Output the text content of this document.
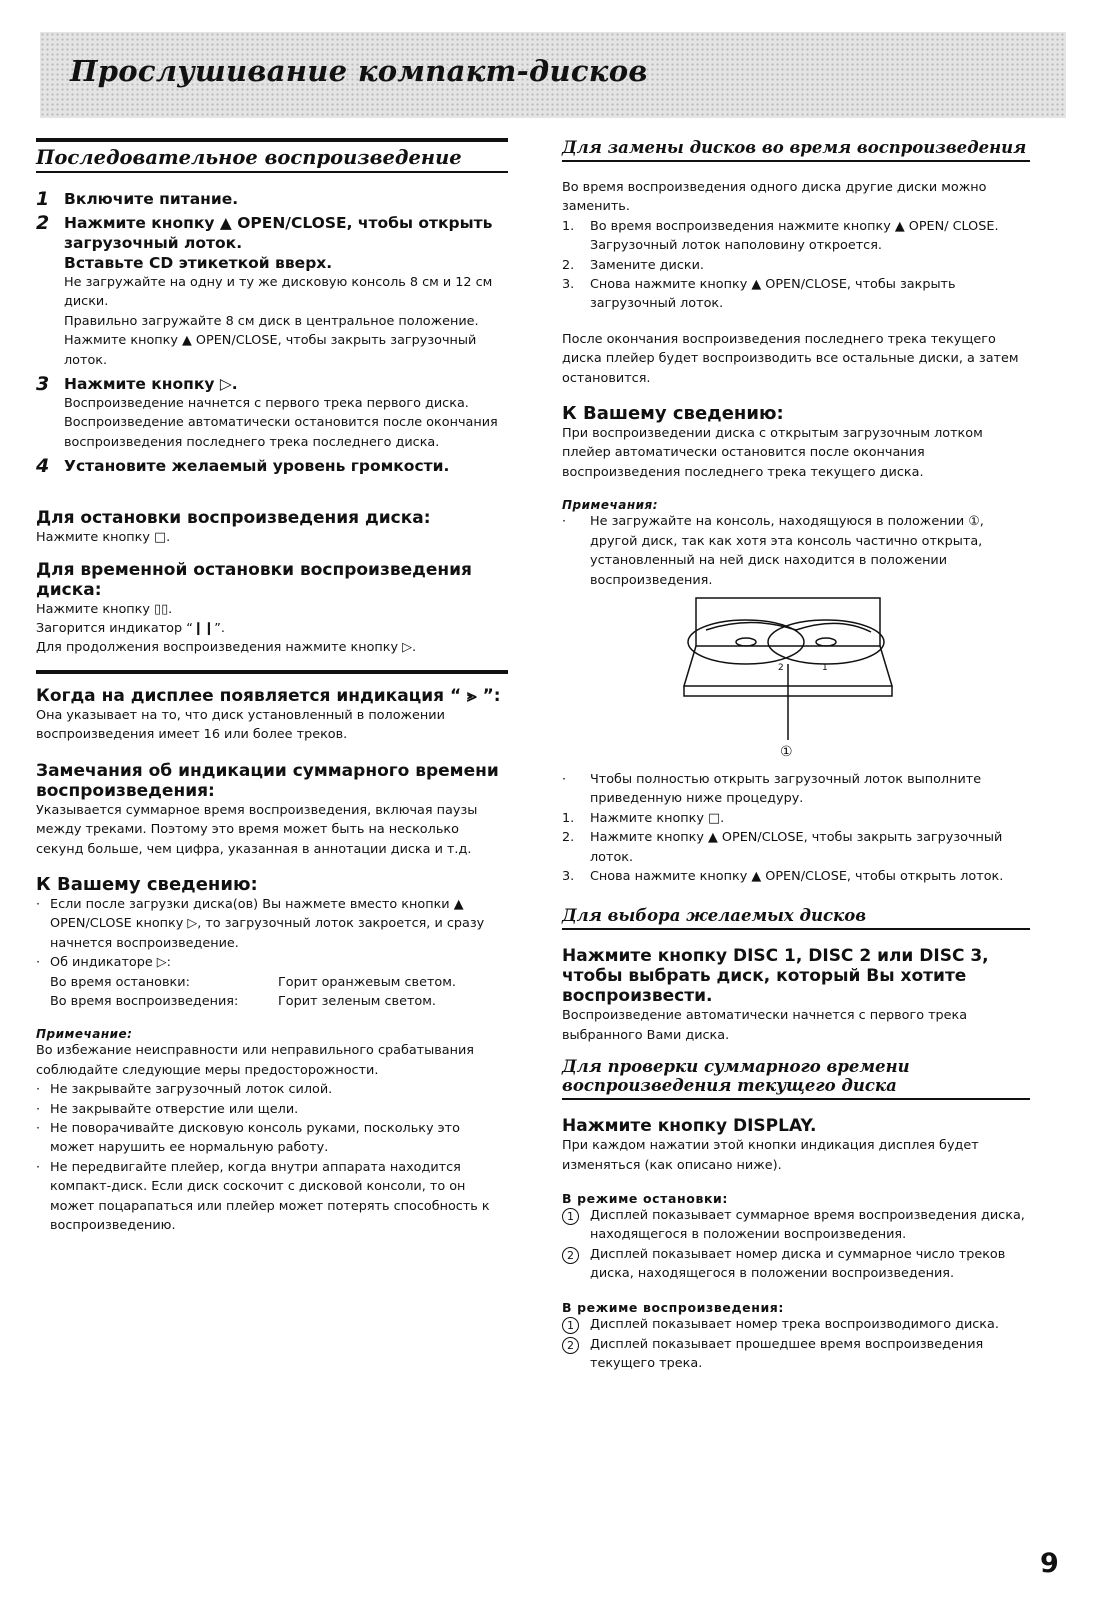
Прослушивание компакт-дисков
Последовательное воспроизведение
1 Включите питание.
2 Нажмите кнопку ▲ OPEN/CLOSE, чтобы открыть загрузочный лоток.
Вставьте CD этикеткой вверх.

Не загружайте на одну и ту же дисковую консоль 8 см и 12 см диски.

Правильно загружайте 8 см диск в центральное положение.

Нажмите кнопку ▲ OPEN/CLOSE, чтобы закрыть загрузочный лоток.

3 Нажмите кнопку ▷.

Воспроизведение начнется с первого трека первого диска.

Воспроизведение автоматически остановится после окончания воспроизведения последнего трека последнего диска.

4 Установите желаемый уровень громкости.
Для остановки воспроизведения диска:

Нажмите кнопку □.

Для временной остановки воспроизведения диска:

Нажмите кнопку ▯▯.

Загорится индикатор “❙❙”.

Для продолжения воспроизведения нажмите кнопку ▷.

Когда на дисплее появляется индикация “ ⪢ ”:

Она указывает на то, что диск установленный в положении воспроизведения имеет 16 или более треков.

Замечания об индикации суммарного времени воспроизведения:

Указывается суммарное время воспроизведения, включая паузы между треками. Поэтому это время может быть на несколько секунд больше, чем цифра, указанная в аннотации диска и т.д.

К Вашему сведению:
· Если после загрузки диска(ов) Вы нажмете вместо кнопки ▲ OPEN/CLOSE кнопку ▷, то загрузочный лоток закроется, и сразу начнется воспроизведение.
· Об индикаторе ▷:
Во время остановки:	Горит оранжевым светом.
Во время воспроизведения:	Горит зеленым светом.
Примечание:

Во избежание неисправности или неправильного срабатывания соблюдайте следующие меры предосторожности.

· Не закрывайте загрузочный лоток силой.
· Не закрывайте отверстие или щели.
· Не поворачивайте дисковую консоль руками, поскольку это может нарушить ее нормальную работу.
· Не передвигайте плейер, когда внутри аппарата находится компакт-диск. Если диск соскочит с дисковой консоли, то он может поцарапаться или плейер может потерять способность к воспроизведению.
Для замены дисков во время воспроизведения

Во время воспроизведения одного диска другие диски можно заменить.

1.	Во время воспроизведения нажмите кнопку ▲ OPEN/ CLOSE.
Загрузочный лоток наполовину откроется.
2.	Замените диски.
3.	Снова нажмите кнопку ▲ OPEN/CLOSE, чтобы закрыть загрузочный лоток.

После окончания воспроизведения последнего трека текущего диска плейер будет воспроизводить все остальные диски, а затем остановится.

К Вашему сведению:

При воспроизведении диска с открытым загрузочным лотком плейер автоматически остановится после окончания воспроизведения последнего трека текущего диска.

Примечания:
·	Не загружайте на консоль, находящуюся в положении ①, другой диск, так как хотя эта консоль частично открыта, установленный на ней диск находится в положении воспроизведения.
2	1
①
·	Чтобы полностью открыть загрузочный лоток выполните приведенную ниже процедуру.
1.	Нажмите кнопку □.
2.	Нажмите кнопку ▲ OPEN/CLOSE, чтобы закрыть загрузочный лоток.
3.	Снова нажмите кнопку ▲ OPEN/CLOSE, чтобы открыть лоток.
Для выбора желаемых дисков
Нажмите кнопку DISC 1, DISC 2 или DISC 3, чтобы выбрать диск, который Вы хотите воспроизвести.

Воспроизведение автоматически начнется с первого трека выбранного Вами диска.

Для проверки суммарного времени воспроизведения текущего диска
Нажмите кнопку DISPLAY.

При каждом нажатии этой кнопки индикация дисплея будет изменяться (как описано ниже).

В режиме остановки:
1	Дисплей показывает суммарное время воспроизведения диска, находящегося в положении воспроизведения.
2	Дисплей показывает номер диска и суммарное число треков диска, находящегося в положении воспроизведения.
В режиме воспроизведения:
1	Дисплей показывает номер трека воспроизводимого диска.
2	Дисплей показывает прошедшее время воспроизведения текущего трека.
9
